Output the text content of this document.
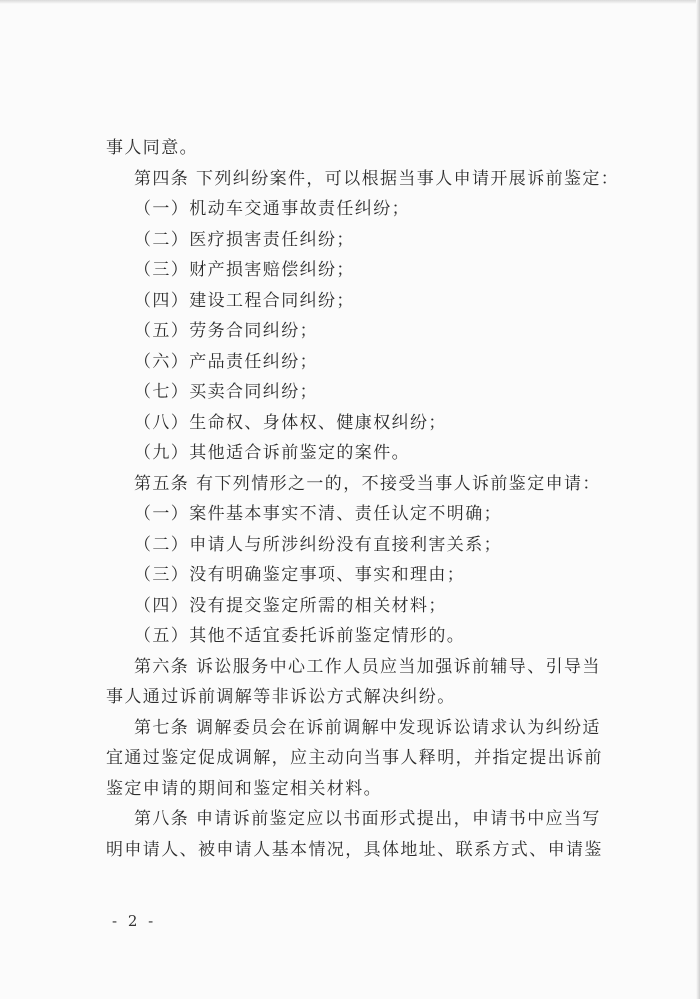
事人同意。
第四条 下列纠纷案件，可以根据当事人申请开展诉前鉴定：
（一）机动车交通事故责任纠纷；
（二）医疗损害责任纠纷；
（三）财产损害赔偿纠纷；
（四）建设工程合同纠纷；
（五）劳务合同纠纷；
（六）产品责任纠纷；
（七）买卖合同纠纷；
（八）生命权、身体权、健康权纠纷；
（九）其他适合诉前鉴定的案件。
第五条 有下列情形之一的，不接受当事人诉前鉴定申请：
（一）案件基本事实不清、责任认定不明确；
（二）申请人与所涉纠纷没有直接利害关系；
（三）没有明确鉴定事项、事实和理由；
（四）没有提交鉴定所需的相关材料；
（五）其他不适宜委托诉前鉴定情形的。
第六条 诉讼服务中心工作人员应当加强诉前辅导、引导当
事人通过诉前调解等非诉讼方式解决纠纷。
第七条 调解委员会在诉前调解中发现诉讼请求认为纠纷适
宜通过鉴定促成调解，应主动向当事人释明，并指定提出诉前
鉴定申请的期间和鉴定相关材料。
第八条 申请诉前鉴定应以书面形式提出，申请书中应当写
明申请人、被申请人基本情况，具体地址、联系方式、申请鉴
- 2 -
